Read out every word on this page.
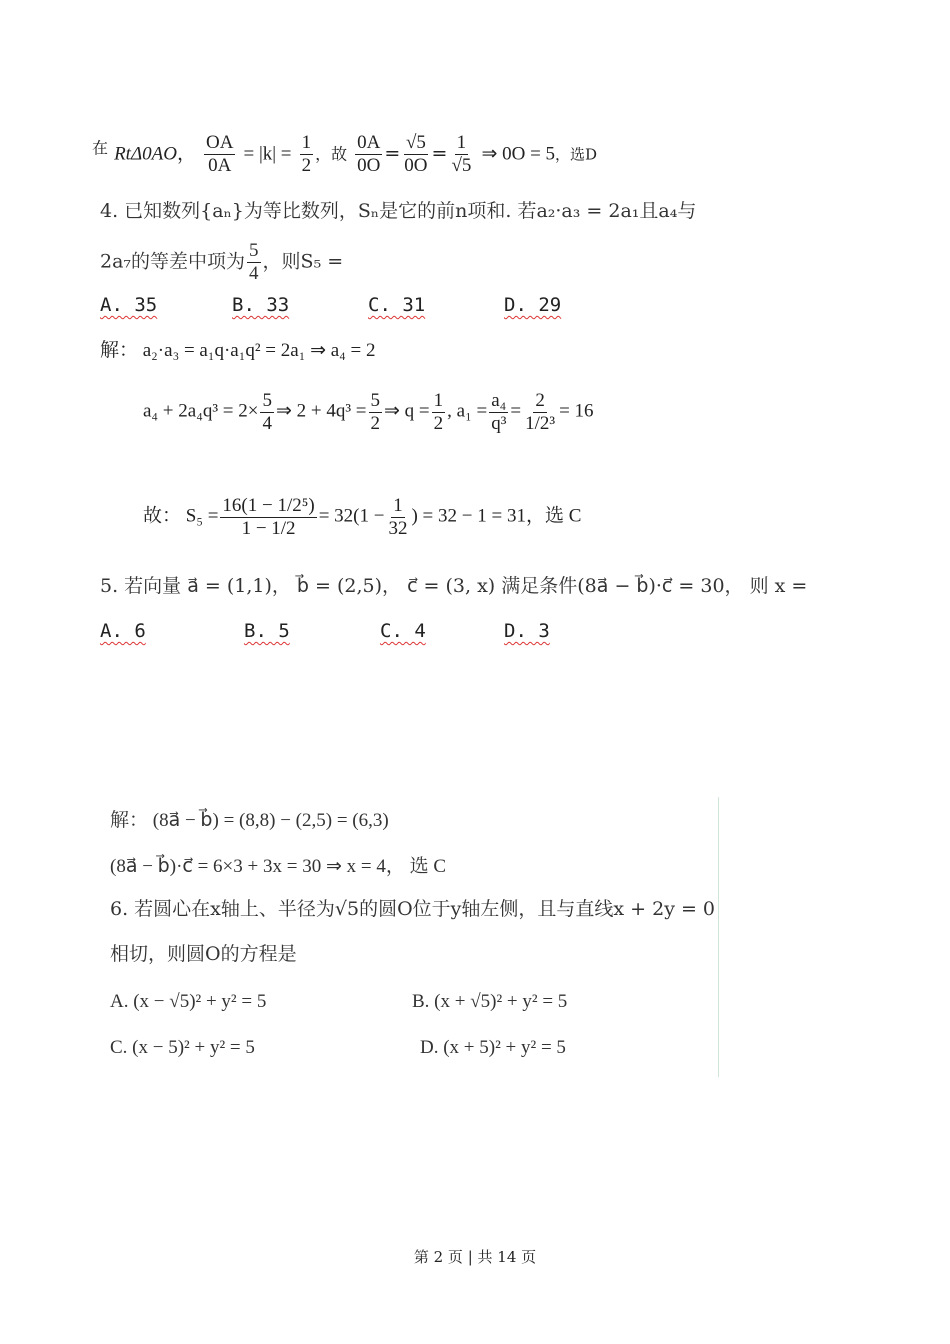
$^在$ RtΔ0AO， $\frac{OA}{0A} = |k| = \frac{1}{2}$ ，故 $\frac{0A}{0O} = \frac{√5}{0O} = \frac{1}{√5}$ ⇒ 0O = 5，选D
4. 已知数列{aₙ}为等比数列，Sₙ是它的前n项和. 若a₂·a₃ = 2a₁且a₄与
2a₇的等差中项为 $\frac{5}{4}$ ，则S₅ =
A. 35	B. 33	C. 31	D. 29
解： a₂·a₃ = a₁q·a₁q² = 2a₁ ⇒ a₄ = 2
$a_4 + 2a_4q^3 = 2\times \frac{5}{4}$ ⇒ $2 + 4q^3 = \frac{5}{2}$ ⇒ $q = \frac{1}{2}$ , $a_1 = \frac{\text{a₄}}{\text{q³}} = \frac{2}{\text{1/2³}} = 16$
故： $S_5 = \frac{\text{16(1 − 1/2⁵)}}{1 - 1/2} = 32(1 - \frac{1}{32}$ ) = 32 − 1 = 31，选 C
5. 若向量 a⃗ = (1,1)， b⃗ = (2,5)， c⃗ = (3, x) 满足条件(8a⃗ − b⃗)·c⃗ = 30， 则 x =
A. 6	B. 5	C. 4	D. 3
解： (8a⃗ − b⃗) = (8,8) − (2,5) = (6,3)
(8a⃗ − b⃗)·c⃗ = 6×3 + 3x = 30 ⇒ x = 4， 选 C
6. 若圆心在x轴上、半径为√5的圆O位于y轴左侧，且与直线x + 2y = 0
相切，则圆O的方程是
A. (x − √5)² + y² = 5	B. (x + √5)² + y² = 5
C. (x − 5)² + y² = 5	D. (x + 5)² + y² = 5
第 2 页 | 共 14 页
